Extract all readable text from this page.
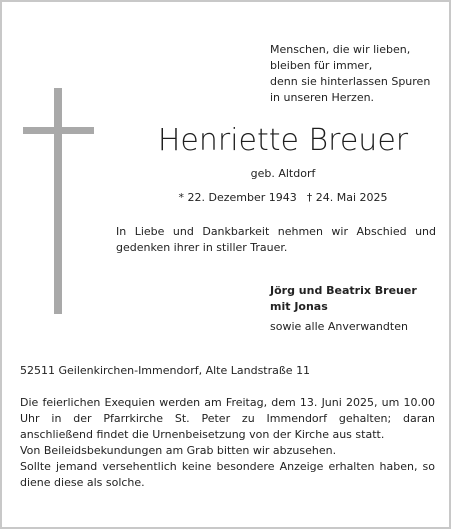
Menschen, die wir lieben,
bleiben für immer,
denn sie hinterlassen Spuren
in unseren Herzen.
Henriette Breuer
geb. Altdorf
* 22. Dezember 1943 † 24. Mai 2025
In Liebe und Dankbarkeit nehmen wir Abschied und gedenken ihrer in stiller Trauer.
Jörg und Beatrix Breuer
mit Jonas
sowie alle Anverwandten
52511 Geilenkirchen-Immendorf, Alte Landstraße 11

Die feierlichen Exequien werden am Freitag, dem 13. Juni 2025, um 10.00 Uhr in der Pfarrkirche St. Peter zu Immendorf gehalten; daran anschließend findet die Urnenbeisetzung von der Kirche aus statt.

Von Beileidsbekundungen am Grab bitten wir abzusehen.

Sollte jemand versehentlich keine besondere Anzeige erhalten haben, so diene diese als solche.
